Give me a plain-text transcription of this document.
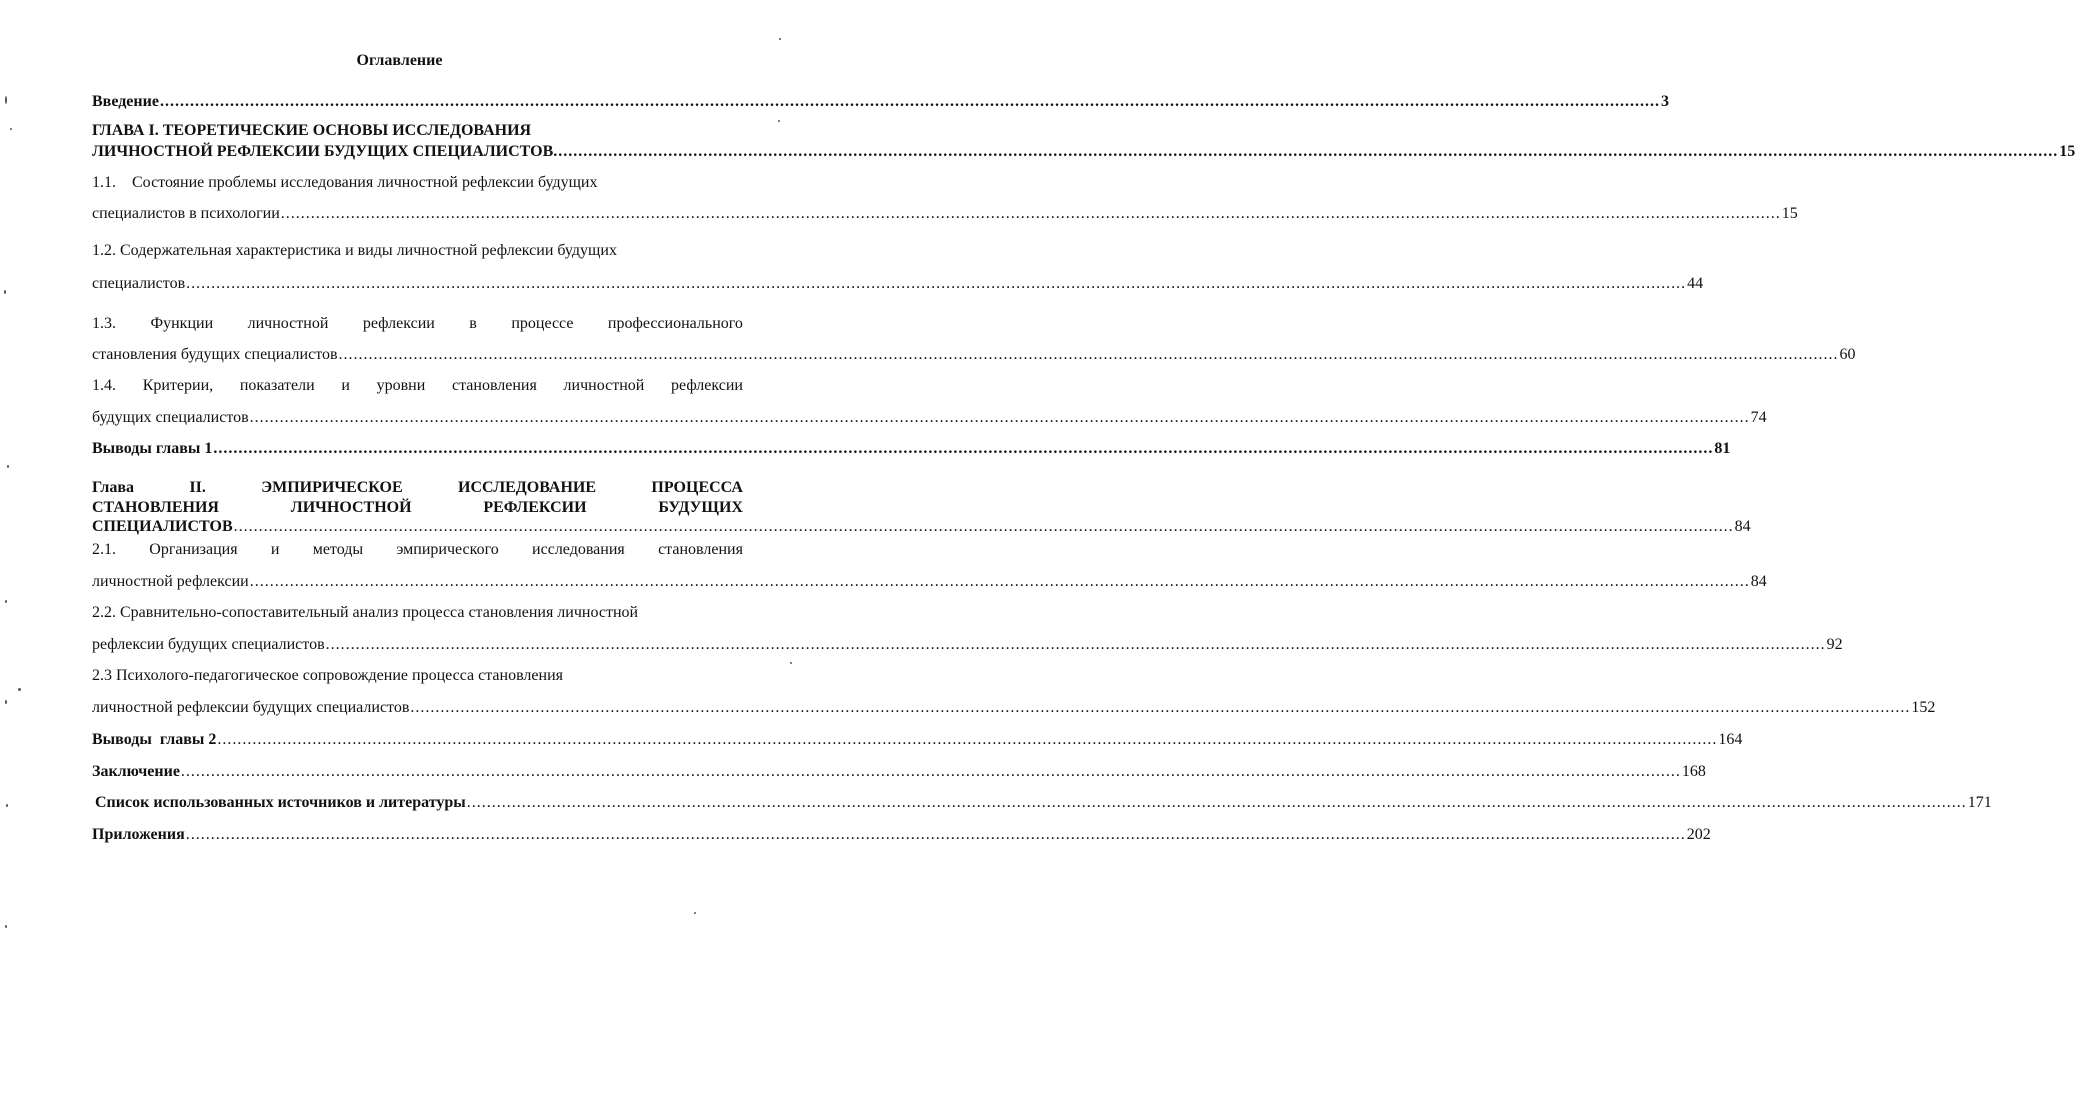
Оглавление
Введение ............................................................................................................................................................................................................................................................................................................ 3
ГЛАВА I. ТЕОРЕТИЧЕСКИЕ ОСНОВЫ ИССЛЕДОВАНИЯ
ЛИЧНОСТНОЙ РЕФЛЕКСИИ БУДУЩИХ СПЕЦИАЛИСТОВ. ............................................................................................................................................................................................................................................................................................................ 15
1.1. Состояние проблемы исследования личностной рефлексии будущих
специалистов в психологии ............................................................................................................................................................................................................................................................................................................ 15
1.2. Содержательная характеристика и виды личностной рефлексии будущих
специалистов ............................................................................................................................................................................................................................................................................................................ 44
1.3. Функции личностной рефлексии в процессе профессионального
становления будущих специалистов ............................................................................................................................................................................................................................................................................................................ 60
1.4. Критерии, показатели и уровни становления личностной рефлексии
будущих специалистов ............................................................................................................................................................................................................................................................................................................ 74
Выводы главы 1 ............................................................................................................................................................................................................................................................................................................ 81
Глава	II.	ЭМПИРИЧЕСКОЕ	ИССЛЕДОВАНИЕ	ПРОЦЕССА
СТАНОВЛЕНИЯ	ЛИЧНОСТНОЙ	РЕФЛЕКСИИ	БУДУЩИХ
СПЕЦИАЛИСТОВ ............................................................................................................................................................................................................................................................................................................ 84
2.1. Организация и методы эмпирического исследования становления
личностной рефлексии ............................................................................................................................................................................................................................................................................................................ 84
2.2. Сравнительно-сопоставительный анализ процесса становления личностной
рефлексии будущих специалистов ............................................................................................................................................................................................................................................................................................................ 92
2.3 Психолого-педагогическое сопровождение процесса становления
личностной рефлексии будущих специалистов ............................................................................................................................................................................................................................................................................................................ 152
Выводы  главы 2 ............................................................................................................................................................................................................................................................................................................ 164
Заключение ............................................................................................................................................................................................................................................................................................................ 168
Список использованных источников и литературы ............................................................................................................................................................................................................................................................................................................ 171
Приложения ............................................................................................................................................................................................................................................................................................................ 202
